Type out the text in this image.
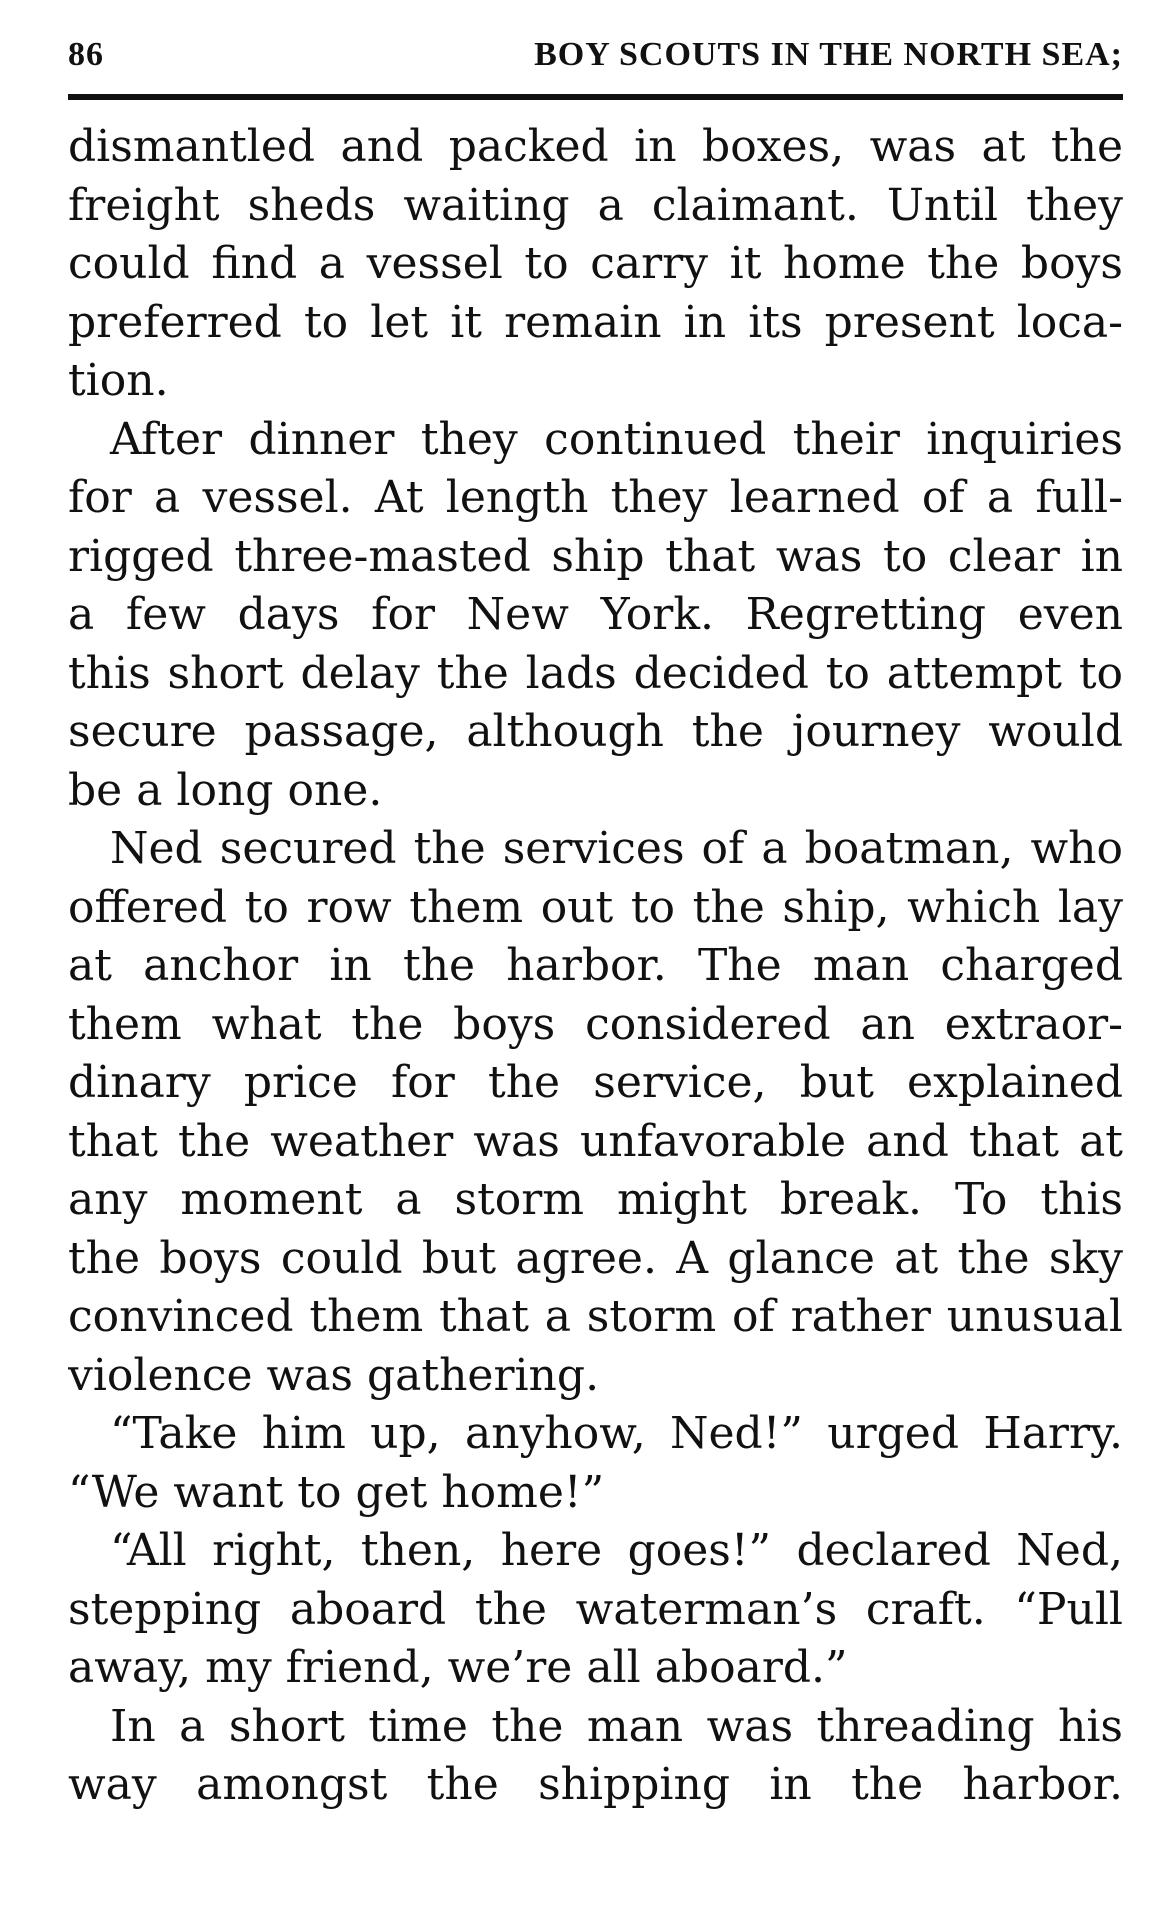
86	BOY SCOUTS IN THE NORTH SEA;

dismantled and packed in boxes, was at the
freight sheds waiting a claimant. Until they
could find a vessel to carry it home the boys
preferred to let it remain in its present loca-
tion.

After dinner they continued their inquiries
for a vessel. At length they learned of a full-
rigged three-masted ship that was to clear in
a few days for New York. Regretting even
this short delay the lads decided to attempt to
secure passage, although the journey would
be a long one.

Ned secured the services of a boatman, who
offered to row them out to the ship, which lay
at anchor in the harbor. The man charged
them what the boys considered an extraor-
dinary price for the service, but explained
that the weather was unfavorable and that at
any moment a storm might break. To this
the boys could but agree. A glance at the sky
convinced them that a storm of rather unusual
violence was gathering.

“Take him up, anyhow, Ned!” urged Harry.
“We want to get home!”

“All right, then, here goes!” declared Ned,
stepping aboard the waterman’s craft. “Pull
away, my friend, we’re all aboard.”

In a short time the man was threading his
way amongst the shipping in the harbor.
